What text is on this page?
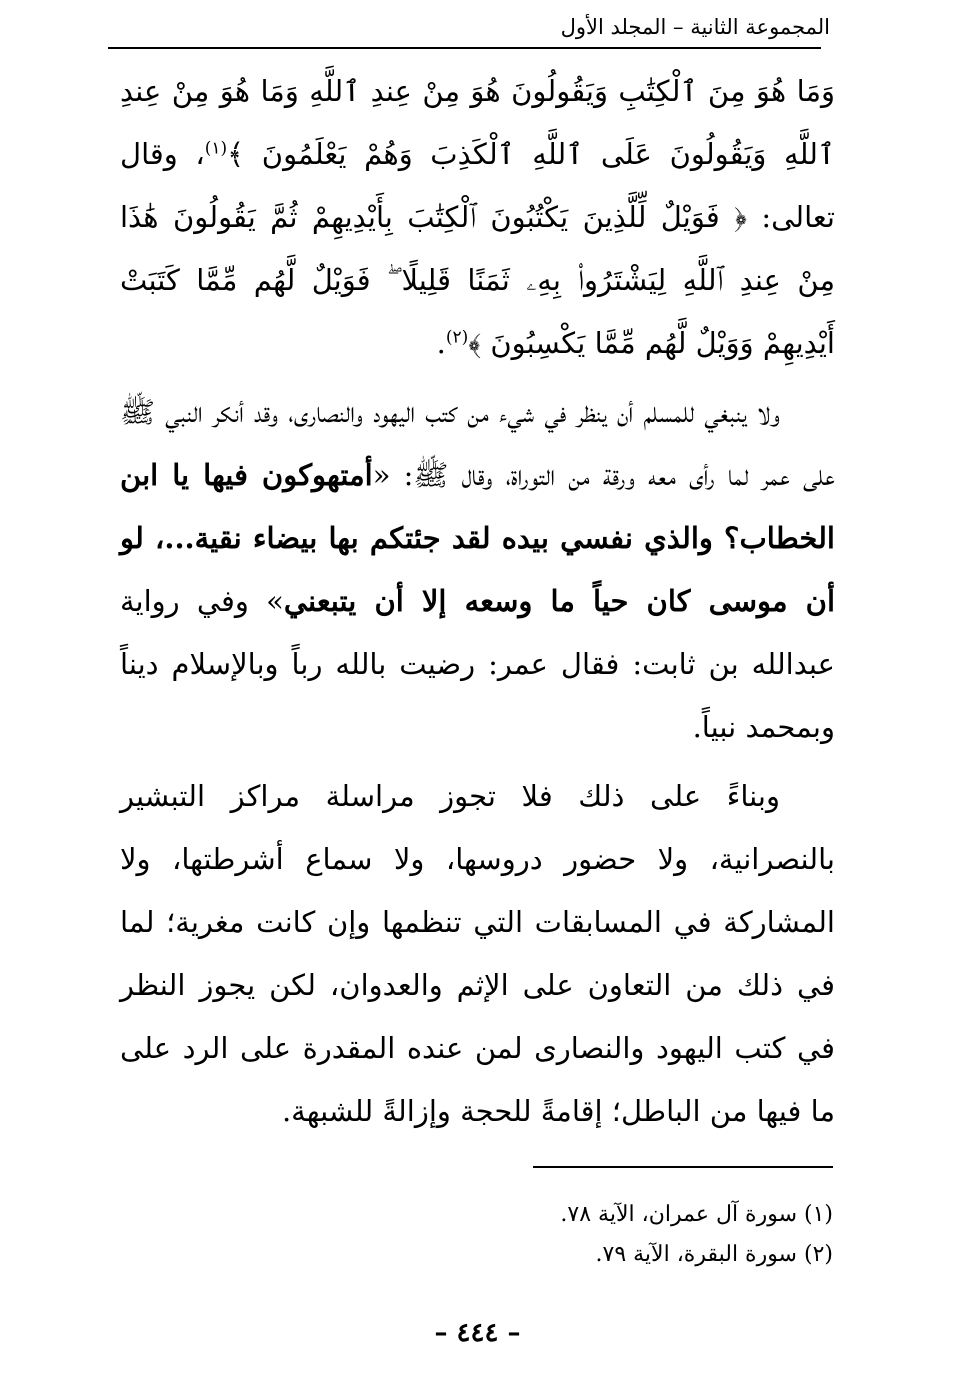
المجموعة الثانية – المجلد الأول

وَمَا هُوَ مِنَ ٱلْكِتَٰبِ وَيَقُولُونَ هُوَ مِنْ عِندِ ٱللَّهِ وَمَا هُوَ مِنْ عِندِ ٱللَّهِ وَيَقُولُونَ عَلَى ٱللَّهِ ٱلْكَذِبَ وَهُمْ يَعْلَمُونَ ﴾$^{(١)}$، وقال تعالى: ﴿ فَوَيْلٌ لِّلَّذِينَ يَكْتُبُونَ ٱلْكِتَٰبَ بِأَيْدِيهِمْ ثُمَّ يَقُولُونَ هَٰذَا مِنْ عِندِ ٱللَّهِ لِيَشْتَرُوا۟ بِهِۦ ثَمَنًا قَلِيلًا ۖ فَوَيْلٌ لَّهُم مِّمَّا كَتَبَتْ أَيْدِيهِمْ وَوَيْلٌ لَّهُم مِّمَّا يَكْسِبُونَ ﴾$^{(٢)}$.

ولا ينبغي للمسلم أن ينظر في شيء من كتب اليهود والنصارى، وقد أنكر النبي ﷺ على عمر لما رأى معه ورقة من التوراة، وقال ﷺ: «أمتهوكون فيها يا ابن الخطاب؟ والذي نفسي بيده لقد جئتكم بها بيضاء نقية...، لو أن موسى كان حياً ما وسعه إلا أن يتبعني» وفي رواية عبدالله بن ثابت: فقال عمر: رضيت بالله رباً وبالإسلام ديناً وبمحمد نبياً.

وبناءً على ذلك فلا تجوز مراسلة مراكز التبشير بالنصرانية، ولا حضور دروسها، ولا سماع أشرطتها، ولا المشاركة في المسابقات التي تنظمها وإن كانت مغرية؛ لما في ذلك من التعاون على الإثم والعدوان، لكن يجوز النظر في كتب اليهود والنصارى لمن عنده المقدرة على الرد على ما فيها من الباطل؛ إقامةً للحجة وإزالةً للشبهة.

(١) سورة آل عمران، الآية ٧٨.
(٢) سورة البقرة، الآية ٧٩.
– ٤٤٤ –
